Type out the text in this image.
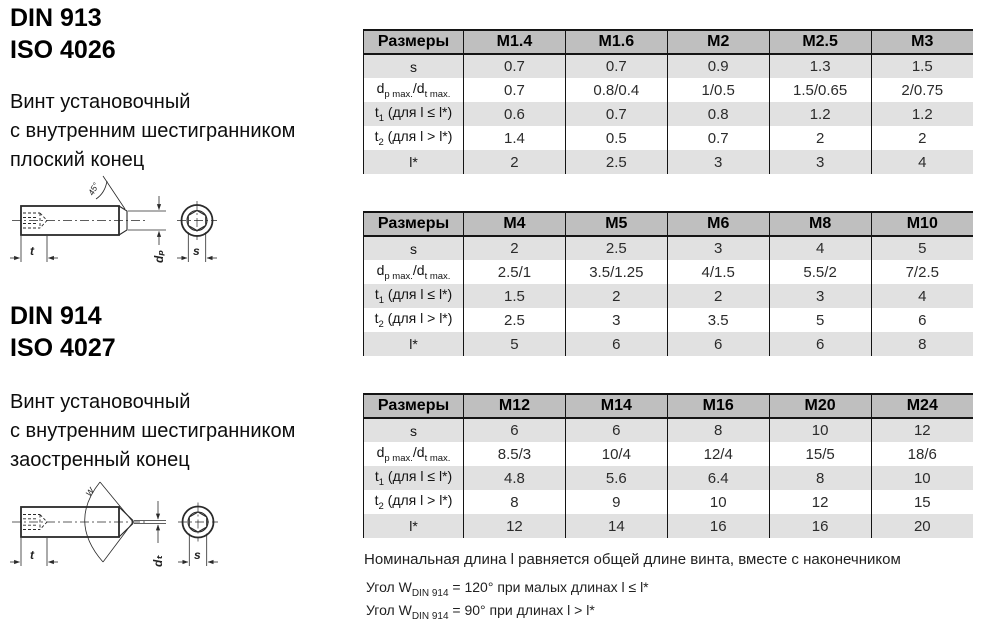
DIN 913
ISO 4026
Винт установочный
с внутренним шестигранником
плоский конец
45°
dₚ
t	s
DIN 914
ISO 4027
Винт установочный
с внутренним шестигранником
заостренный конец
W
dₜ
t	s
Размеры	M1.4	M1.6	M2	M2.5	M3
s	0.7	0.7	0.9	1.3	1.5
$d_{p max.}/d_{t max.}$	0.7	0.8/0.4	1/0.5	1.5/0.65	2/0.75
$t_1$ (для l ≤ l*)	0.6	0.7	0.8	1.2	1.2
$t_2$ (для l > l*)	1.4	0.5	0.7	2	2
l*	2	2.5	3	3	4
Размеры	M4	M5	M6	M8	M10
s	2	2.5	3	4	5
$d_{p max.}/d_{t max.}$	2.5/1	3.5/1.25	4/1.5	5.5/2	7/2.5
$t_1$ (для l ≤ l*)	1.5	2	2	3	4
$t_2$ (для l > l*)	2.5	3	3.5	5	6
l*	5	6	6	6	8
Размеры	M12	M14	M16	M20	M24
s	6	6	8	10	12
$d_{p max.}/d_{t max.}$	8.5/3	10/4	12/4	15/5	18/6
$t_1$ (для l ≤ l*)	4.8	5.6	6.4	8	10
$t_2$ (для l > l*)	8	9	10	12	15
l*	12	14	16	16	20
Номинальная длина l равняется общей длине винта, вместе с наконечником
Угол $W_{DIN 914} = 120^\circ$ при малых длинах l ≤ l*
Угол $W_{DIN 914} = 90^\circ$ при длинах l > l*
